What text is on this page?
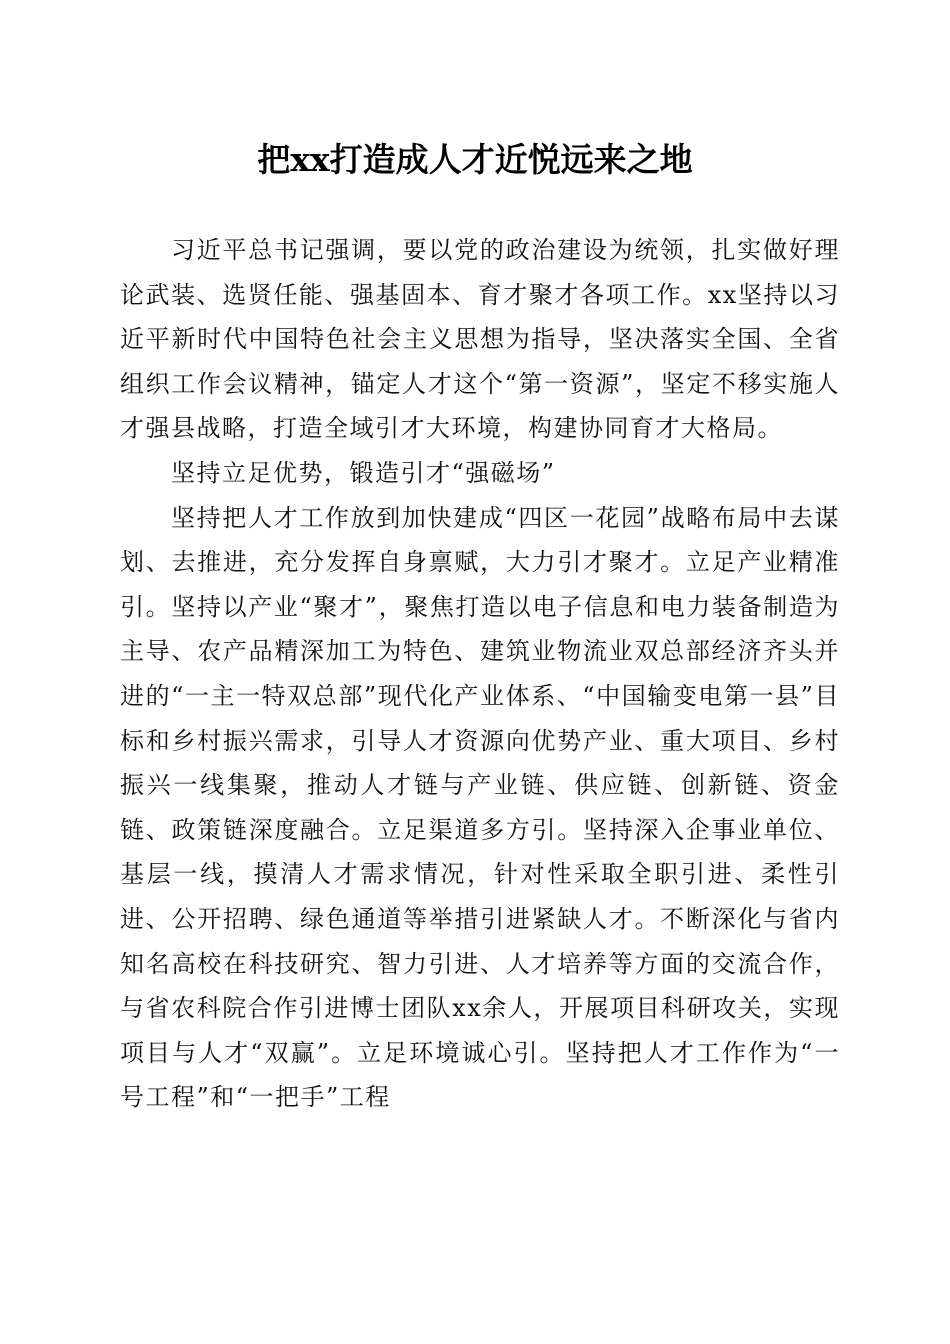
把xx打造成人才近悦远来之地

习近平总书记强调，要以党的政治建设为统领，扎实做好理论武装、选贤任能、强基固本、育才聚才各项工作。xx坚持以习近平新时代中国特色社会主义思想为指导，坚决落实全国、全省组织工作会议精神，锚定人才这个“第一资源”，坚定不移实施人才强县战略，打造全域引才大环境，构建协同育才大格局。

坚持立足优势，锻造引才“强磁场”

坚持把人才工作放到加快建成“四区一花园”战略布局中去谋划、去推进，充分发挥自身禀赋，大力引才聚才。立足产业精准引。坚持以产业“聚才”，聚焦打造以电子信息和电力装备制造为主导、农产品精深加工为特色、建筑业物流业双总部经济齐头并进的“一主一特双总部”现代化产业体系、“中国输变电第一县”目标和乡村振兴需求，引导人才资源向优势产业、重大项目、乡村振兴一线集聚，推动人才链与产业链、供应链、创新链、资金链、政策链深度融合。立足渠道多方引。坚持深入企事业单位、基层一线，摸清人才需求情况，针对性采取全职引进、柔性引进、公开招聘、绿色通道等举措引进紧缺人才。不断深化与省内知名高校在科技研究、智力引进、人才培养等方面的交流合作，与省农科院合作引进博士团队xx余人，开展项目科研攻关，实现项目与人才“双赢”。立足环境诚心引。坚持把人才工作作为“一号工程”和“一把手”工程
